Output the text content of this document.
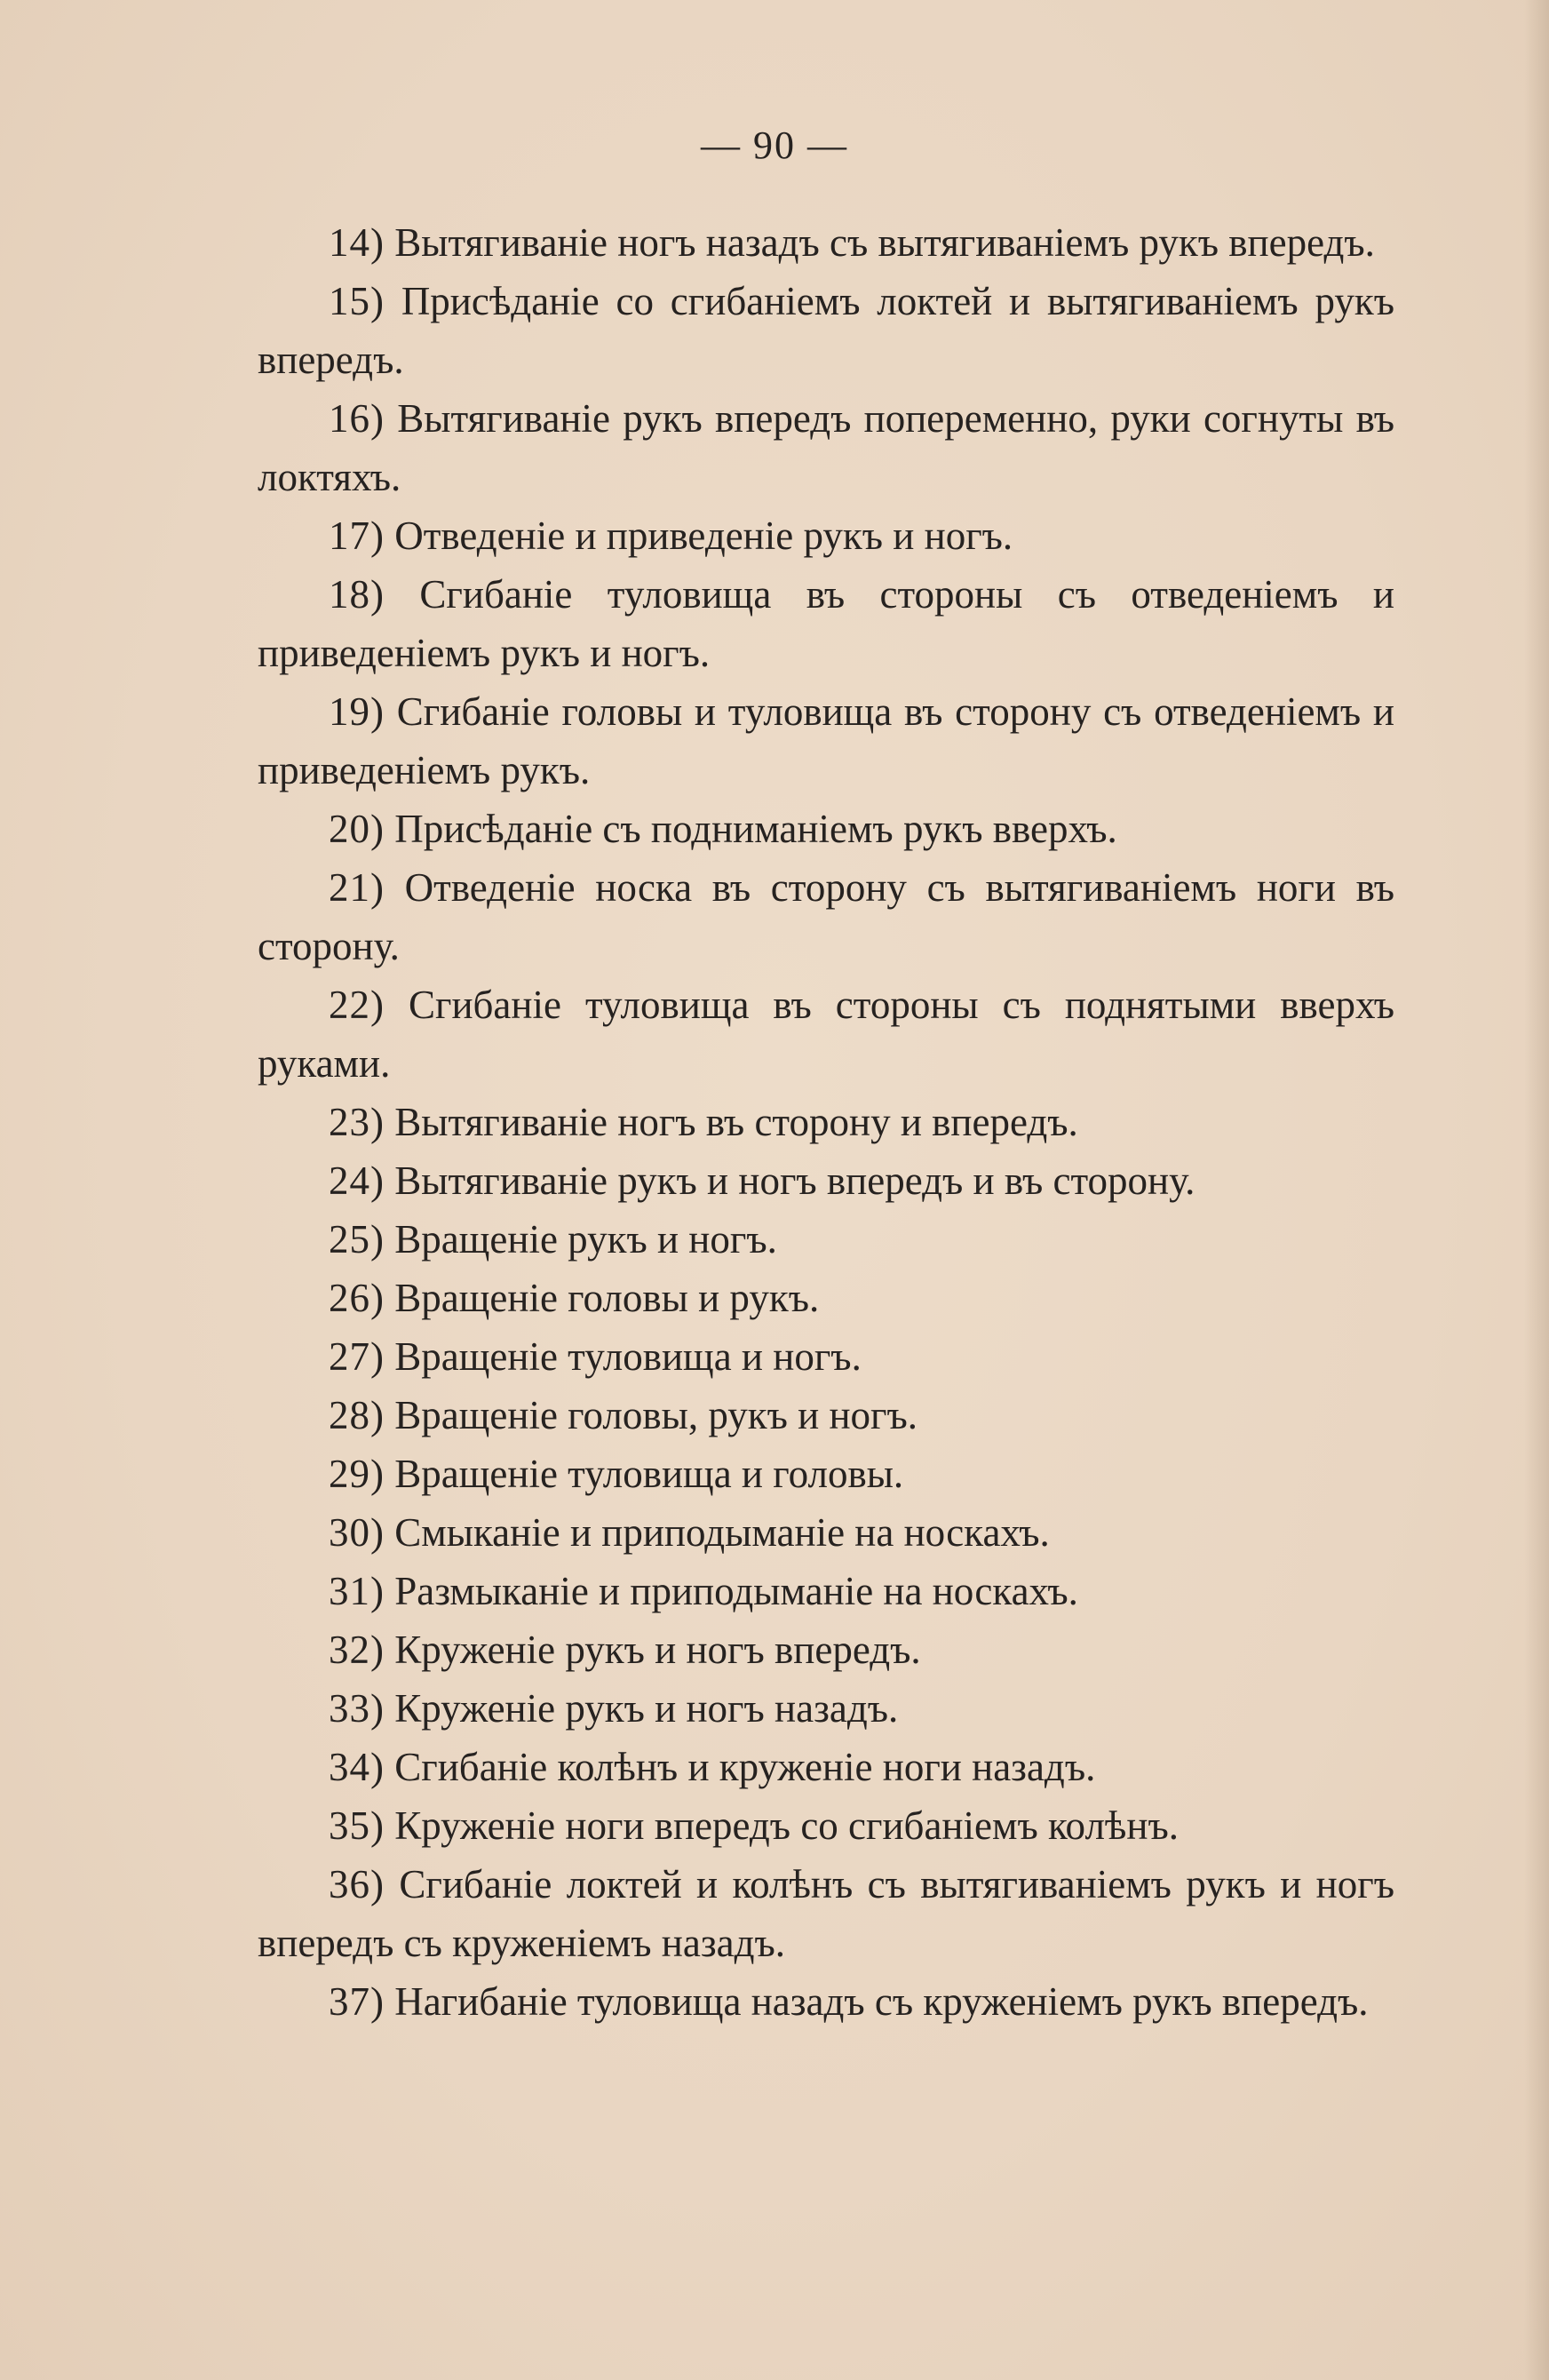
— 90 —

14) Вытягиваніе ногъ назадъ съ вытягиваніемъ рукъ впередъ.

15) Присѣданіе со сгибаніемъ локтей и вытягиваніемъ рукъ впередъ.

16) Вытягиваніе рукъ впередъ попеременно, руки согнуты въ локтяхъ.

17) Отведеніе и приведеніе рукъ и ногъ.

18) Сгибаніе туловища въ стороны съ отведеніемъ и приведеніемъ рукъ и ногъ.

19) Сгибаніе головы и туловища въ сторону съ отведеніемъ и приведеніемъ рукъ.

20) Присѣданіе съ подниманіемъ рукъ вверхъ.

21) Отведеніе носка въ сторону съ вытягиваніемъ ноги въ сторону.

22) Сгибаніе туловища въ стороны съ поднятыми вверхъ руками.

23) Вытягиваніе ногъ въ сторону и впередъ.

24) Вытягиваніе рукъ и ногъ впередъ и въ сторону.

25) Вращеніе рукъ и ногъ.

26) Вращеніе головы и рукъ.

27) Вращеніе туловища и ногъ.

28) Вращеніе головы, рукъ и ногъ.

29) Вращеніе туловища и головы.

30) Смыканіе и приподыманіе на носкахъ.

31) Размыканіе и приподыманіе на носкахъ.

32) Круженіе рукъ и ногъ впередъ.

33) Круженіе рукъ и ногъ назадъ.

34) Сгибаніе колѣнъ и круженіе ноги назадъ.

35) Круженіе ноги впередъ со сгибаніемъ колѣнъ.

36) Сгибаніе локтей и колѣнъ съ вытягиваніемъ рукъ и ногъ впередъ съ круженіемъ назадъ.

37) Нагибаніе туловища назадъ съ круженіемъ рукъ впередъ.
